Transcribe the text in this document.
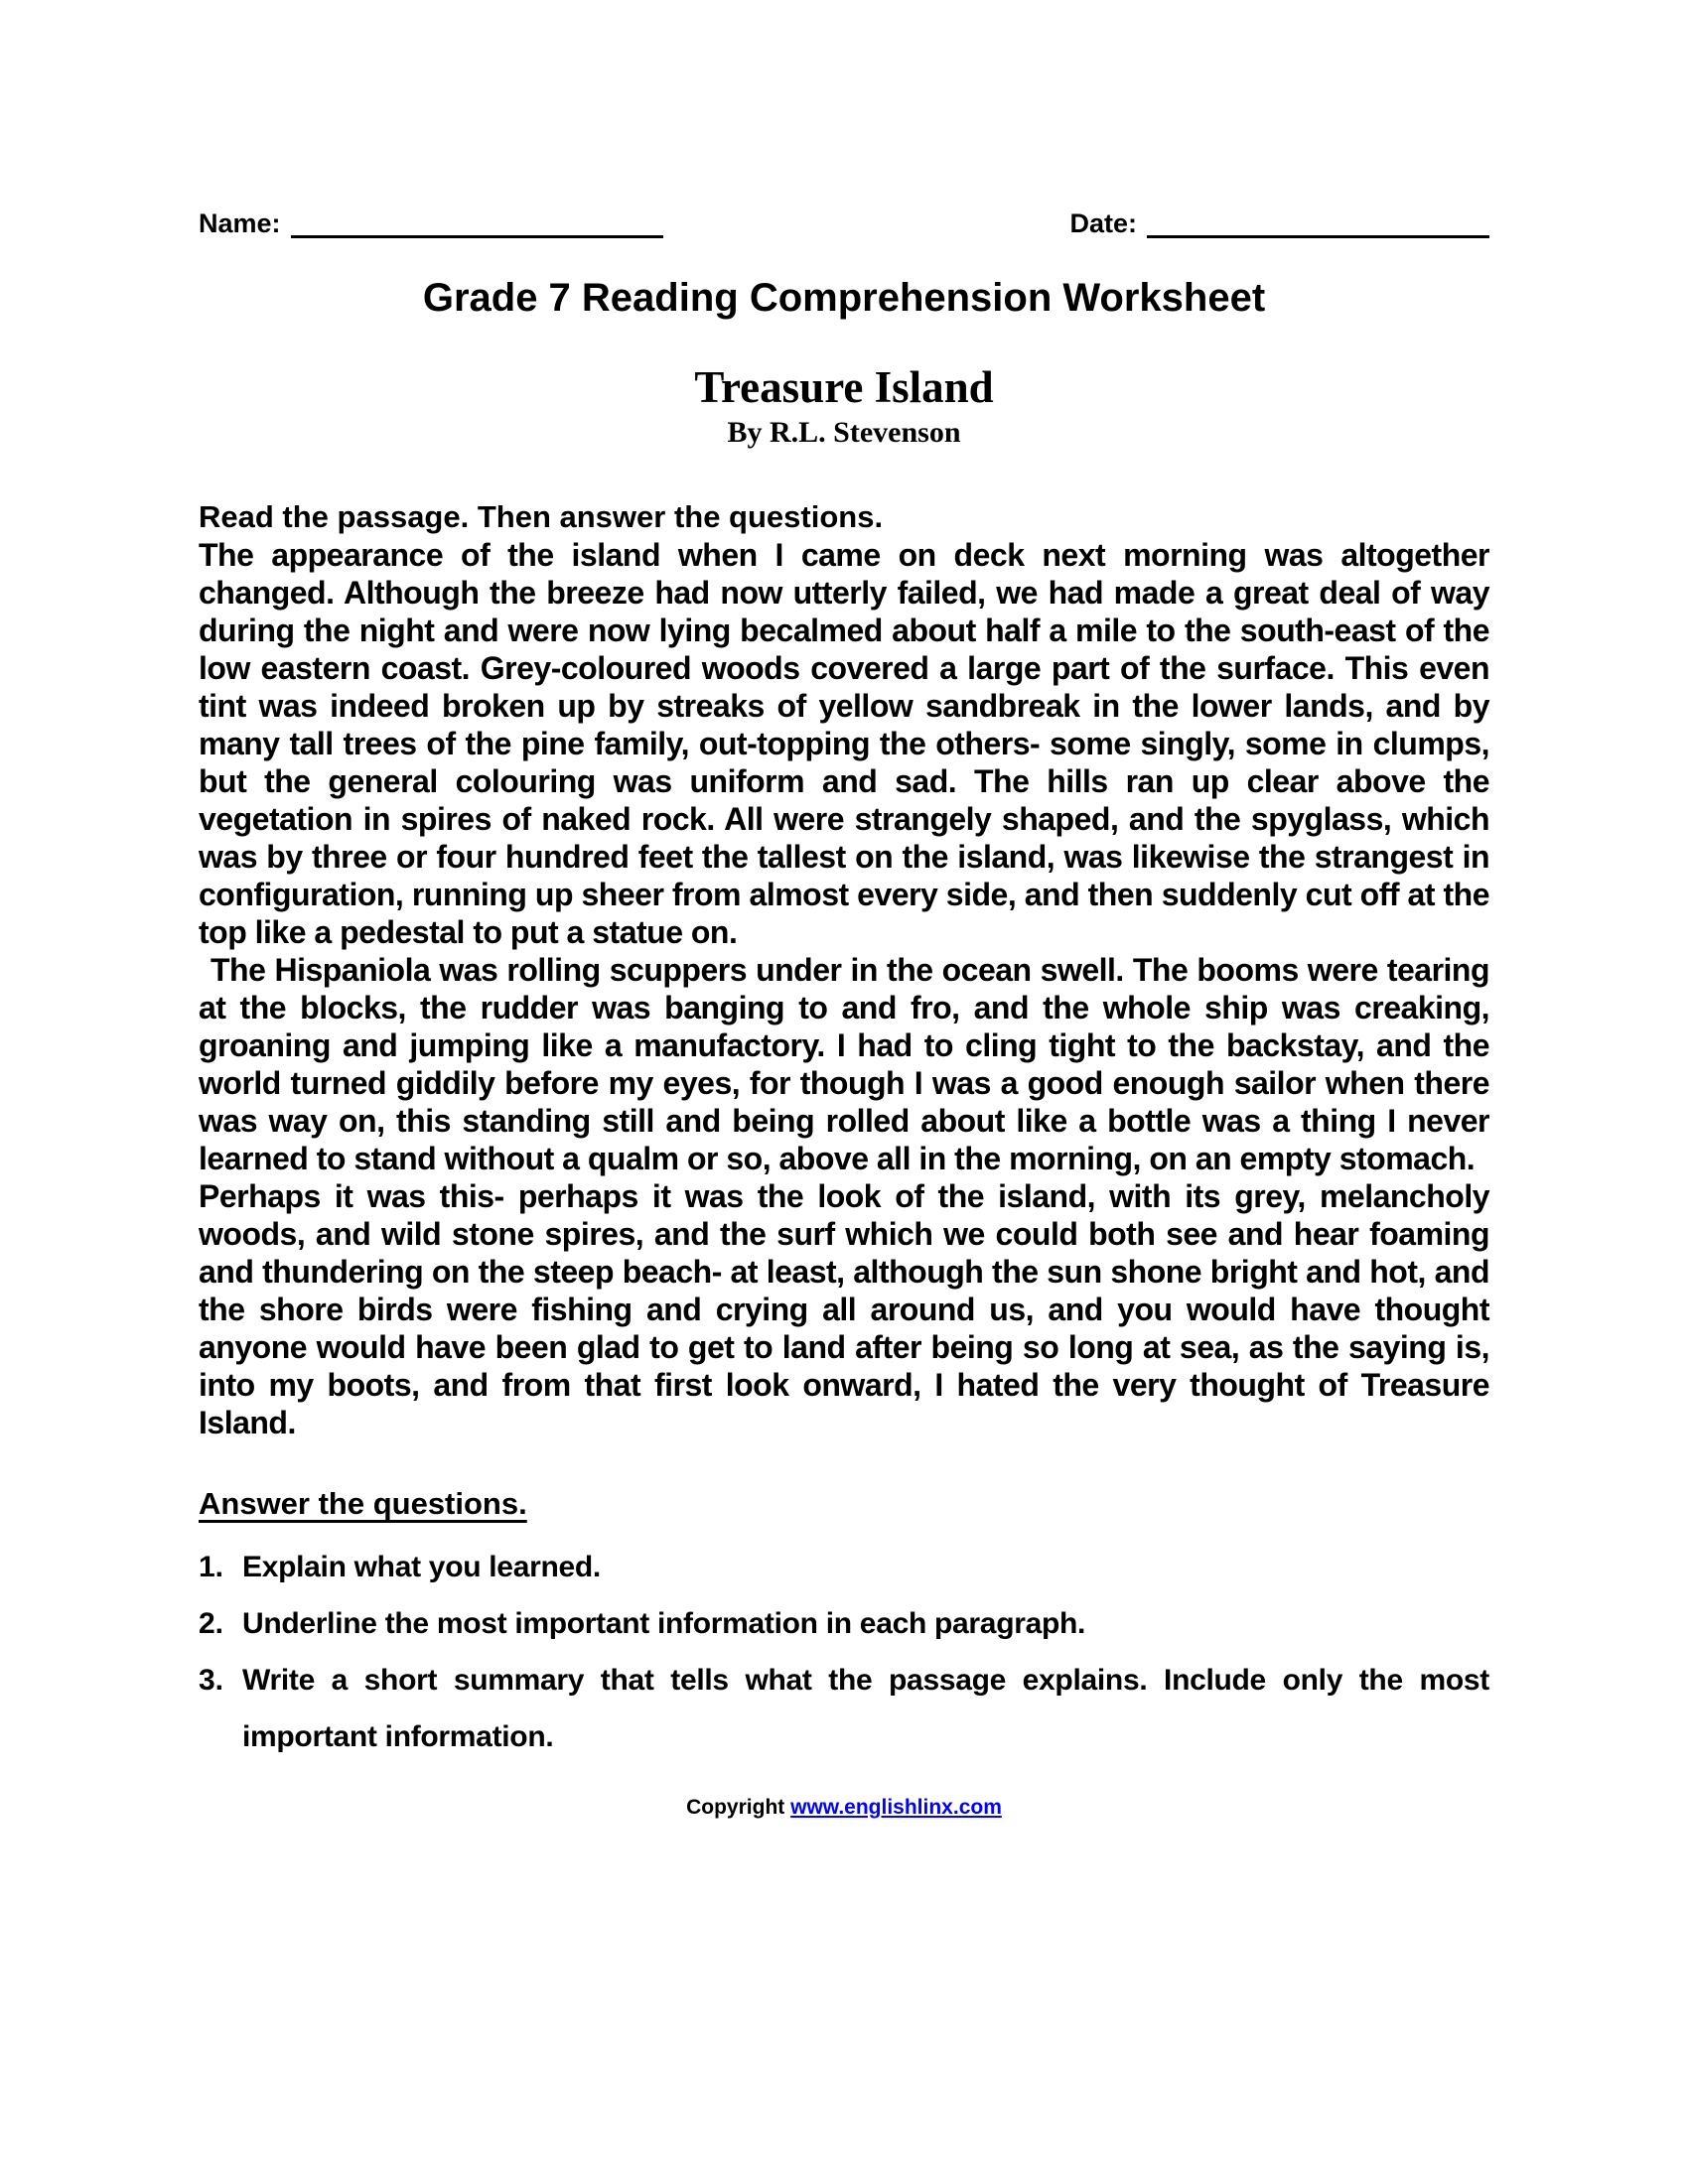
Name:	Date:
Grade 7 Reading Comprehension Worksheet
Treasure Island
By R.L. Stevenson

Read the passage. Then answer the questions.

The appearance of the island when I came on deck next morning was altogether changed. Although the breeze had now utterly failed, we had made a great deal of way during the night and were now lying becalmed about half a mile to the south-east of the low eastern coast. Grey-coloured woods covered a large part of the surface. This even tint was indeed broken up by streaks of yellow sandbreak in the lower lands, and by many tall trees of the pine family, out-topping the others- some singly, some in clumps, but the general colouring was uniform and sad. The hills ran up clear above the vegetation in spires of naked rock. All were strangely shaped, and the spyglass, which was by three or four hundred feet the tallest on the island, was likewise the strangest in configuration, running up sheer from almost every side, and then suddenly cut off at the top like a pedestal to put a statue on.

The Hispaniola was rolling scuppers under in the ocean swell. The booms were tearing at the blocks, the rudder was banging to and fro, and the whole ship was creaking, groaning and jumping like a manufactory. I had to cling tight to the backstay, and the world turned giddily before my eyes, for though I was a good enough sailor when there was way on, this standing still and being rolled about like a bottle was a thing I never learned to stand without a qualm or so, above all in the morning, on an empty stomach.

Perhaps it was this- perhaps it was the look of the island, with its grey, melancholy woods, and wild stone spires, and the surf which we could both see and hear foaming and thundering on the steep beach- at least, although the sun shone bright and hot, and the shore birds were fishing and crying all around us, and you would have thought anyone would have been glad to get to land after being so long at sea, as the saying is, into my boots, and from that first look onward, I hated the very thought of Treasure Island.

Answer the questions.

1. Explain what you learned.
2. Underline the most important information in each paragraph.
3. Write a short summary that tells what the passage explains. Include only the most important information.
Copyright www.englishlinx.com
